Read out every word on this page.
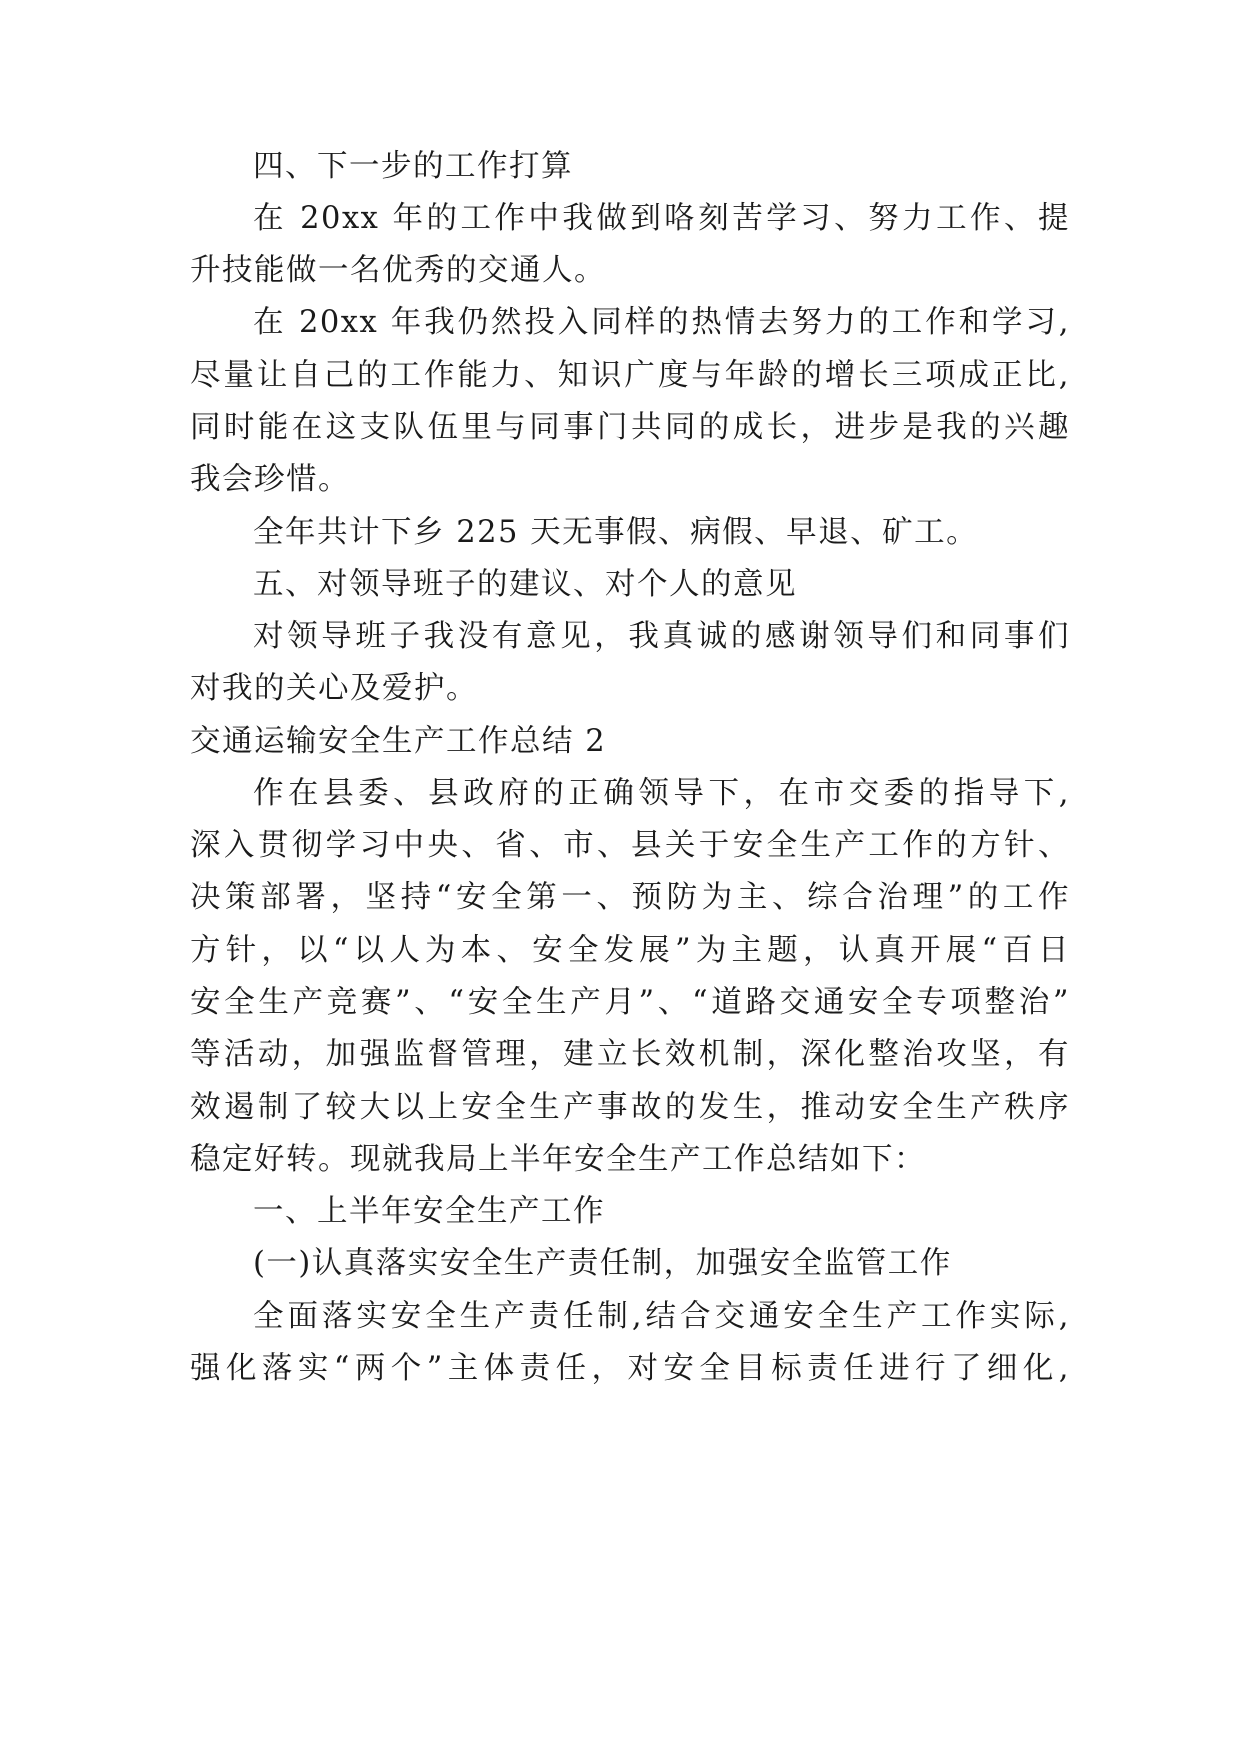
四、下一步的工作打算
在 20xx 年的工作中我做到咯刻苦学习、努力工作、提
升技能做一名优秀的交通人。
在 20xx 年我仍然投入同样的热情去努力的工作和学习,
尽量让自己的工作能力、知识广度与年龄的增长三项成正比,
同时能在这支队伍里与同事门共同的成长，进步是我的兴趣
我会珍惜。
全年共计下乡 225 天无事假、病假、早退、矿工。
五、对领导班子的建议、对个人的意见
对领导班子我没有意见，我真诚的感谢领导们和同事们
对我的关心及爱护。
交通运输安全生产工作总结 2
作在县委、县政府的正确领导下，在市交委的指导下,
深入贯彻学习中央、省、市、县关于安全生产工作的方针、
决策部署，坚持“安全第一、预防为主、综合治理”的工作
方针，以“以人为本、安全发展”为主题，认真开展“百日
安全生产竞赛”、“安全生产月”、“道路交通安全专项整治”
等活动，加强监督管理，建立长效机制，深化整治攻坚，有
效遏制了较大以上安全生产事故的发生，推动安全生产秩序
稳定好转。现就我局上半年安全生产工作总结如下：
一、上半年安全生产工作
(一)认真落实安全生产责任制，加强安全监管工作
全面落实安全生产责任制,结合交通安全生产工作实际,
强化落实“两个”主体责任，对安全目标责任进行了细化,
